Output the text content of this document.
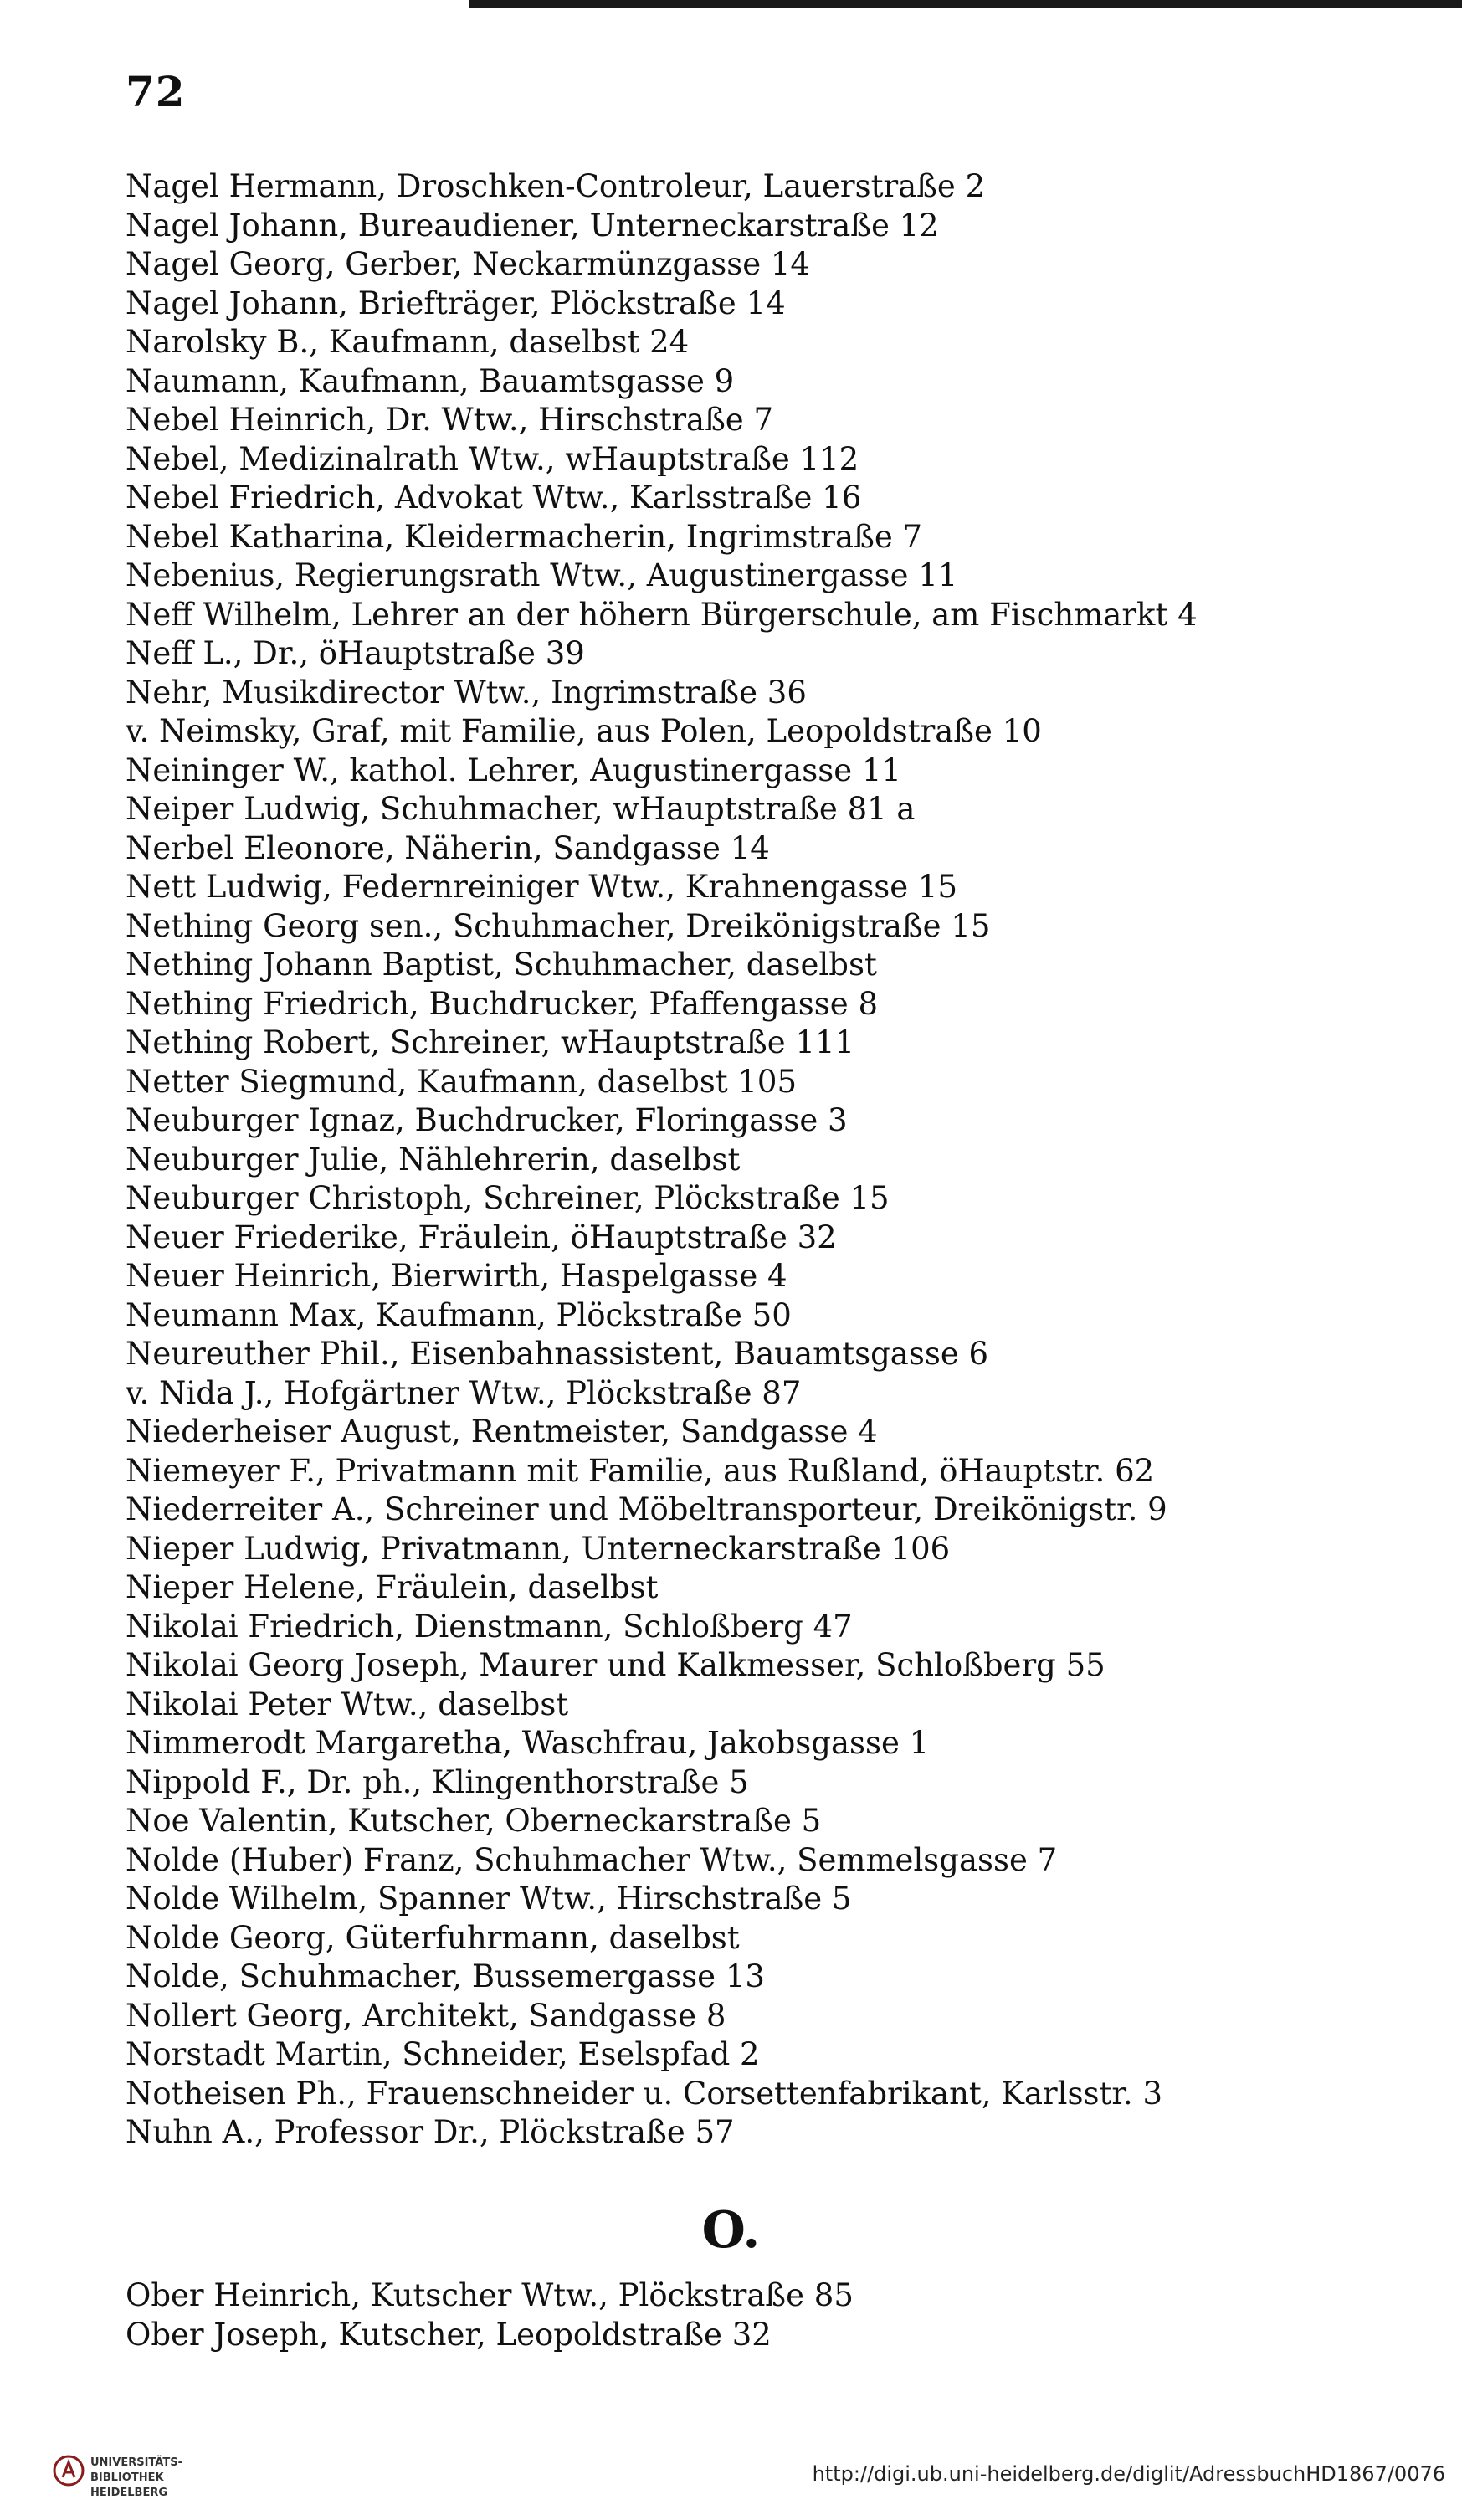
72
Nagel Hermann, Droschken-Controleur, Lauerstraße 2
Nagel Johann, Bureaudiener, Unterneckarstraße 12
Nagel Georg, Gerber, Neckarmünzgasse 14
Nagel Johann, Briefträger, Plöckstraße 14
Narolsky B., Kaufmann, daselbst 24
Naumann, Kaufmann, Bauamtsgasse 9
Nebel Heinrich, Dr. Wtw., Hirschstraße 7
Nebel, Medizinalrath Wtw., wHauptstraße 112
Nebel Friedrich, Advokat Wtw., Karlsstraße 16
Nebel Katharina, Kleidermacherin, Ingrimstraße 7
Nebenius, Regierungsrath Wtw., Augustinergasse 11
Neff Wilhelm, Lehrer an der höhern Bürgerschule, am Fischmarkt 4
Neff L., Dr., öHauptstraße 39
Nehr, Musikdirector Wtw., Ingrimstraße 36
v. Neimsky, Graf, mit Familie, aus Polen, Leopoldstraße 10
Neininger W., kathol. Lehrer, Augustinergasse 11
Neiper Ludwig, Schuhmacher, wHauptstraße 81 a
Nerbel Eleonore, Näherin, Sandgasse 14
Nett Ludwig, Federnreiniger Wtw., Krahnengasse 15
Nething Georg sen., Schuhmacher, Dreikönigstraße 15
Nething Johann Baptist, Schuhmacher, daselbst
Nething Friedrich, Buchdrucker, Pfaffengasse 8
Nething Robert, Schreiner, wHauptstraße 111
Netter Siegmund, Kaufmann, daselbst 105
Neuburger Ignaz, Buchdrucker, Floringasse 3
Neuburger Julie, Nählehrerin, daselbst
Neuburger Christoph, Schreiner, Plöckstraße 15
Neuer Friederike, Fräulein, öHauptstraße 32
Neuer Heinrich, Bierwirth, Haspelgasse 4
Neumann Max, Kaufmann, Plöckstraße 50
Neureuther Phil., Eisenbahnassistent, Bauamtsgasse 6
v. Nida J., Hofgärtner Wtw., Plöckstraße 87
Niederheiser August, Rentmeister, Sandgasse 4
Niemeyer F., Privatmann mit Familie, aus Rußland, öHauptstr. 62
Niederreiter A., Schreiner und Möbeltransporteur, Dreikönigstr. 9
Nieper Ludwig, Privatmann, Unterneckarstraße 106
Nieper Helene, Fräulein, daselbst
Nikolai Friedrich, Dienstmann, Schloßberg 47
Nikolai Georg Joseph, Maurer und Kalkmesser, Schloßberg 55
Nikolai Peter Wtw., daselbst
Nimmerodt Margaretha, Waschfrau, Jakobsgasse 1
Nippold F., Dr. ph., Klingenthorstraße 5
Noe Valentin, Kutscher, Oberneckarstraße 5
Nolde (Huber) Franz, Schuhmacher Wtw., Semmelsgasse 7
Nolde Wilhelm, Spanner Wtw., Hirschstraße 5
Nolde Georg, Güterfuhrmann, daselbst
Nolde, Schuhmacher, Bussemergasse 13
Nollert Georg, Architekt, Sandgasse 8
Norstadt Martin, Schneider, Eselspfad 2
Notheisen Ph., Frauenschneider u. Corsettenfabrikant, Karlsstr. 3
Nuhn A., Professor Dr., Plöckstraße 57
O.
Ober Heinrich, Kutscher Wtw., Plöckstraße 85
Ober Joseph, Kutscher, Leopoldstraße 32
UNIVERSITÄTS-
BIBLIOTHEK
HEIDELBERG
http://digi.ub.uni-heidelberg.de/diglit/AdressbuchHD1867/0076
